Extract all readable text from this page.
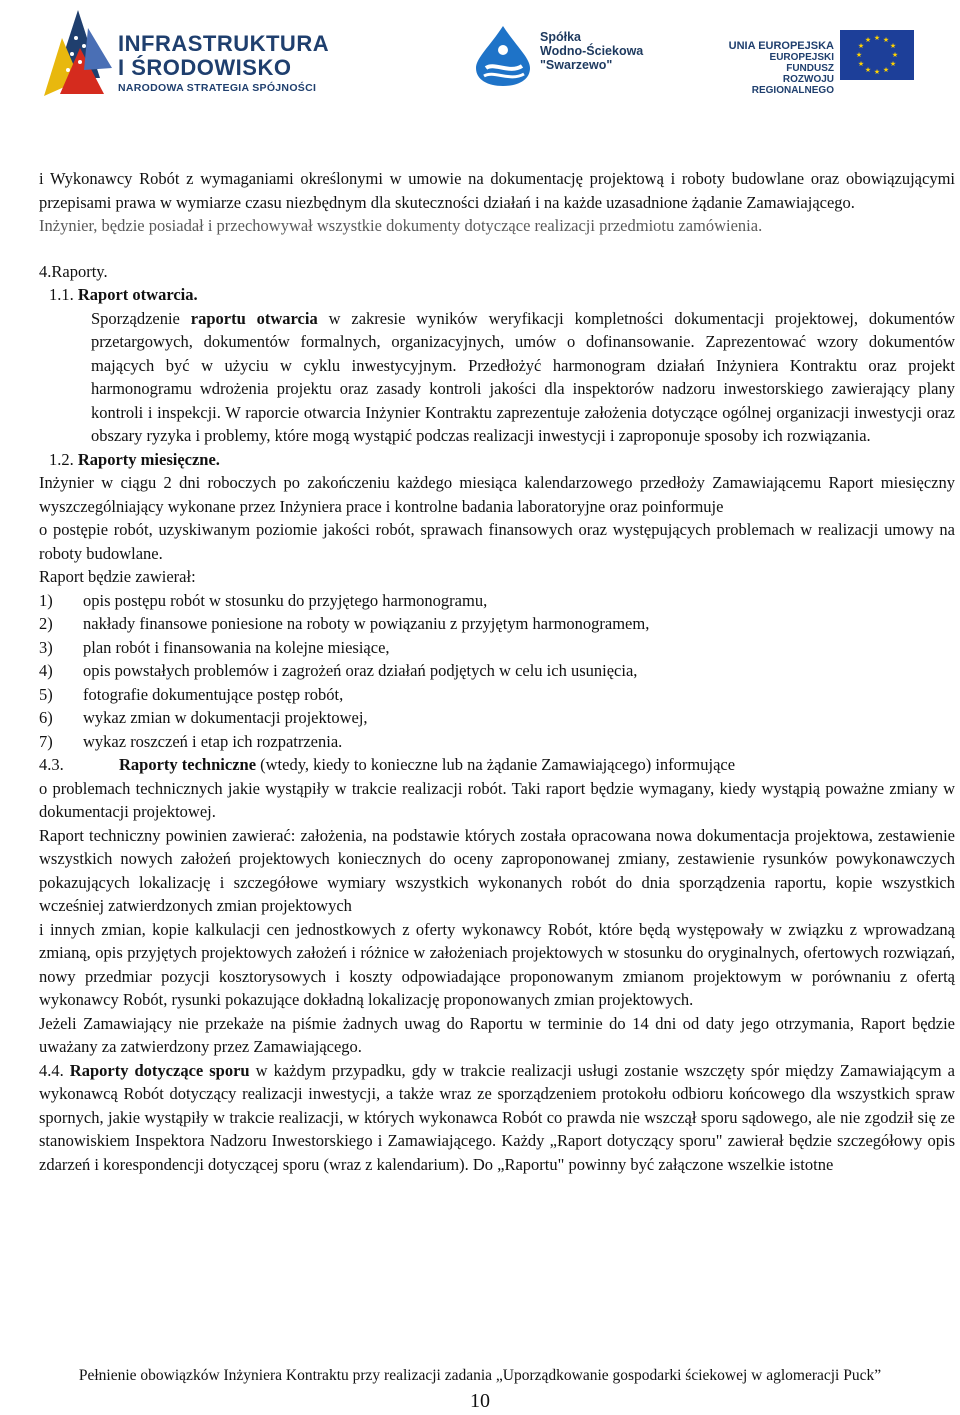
INFRASTRUKTURA
I ŚRODOWISKO
NARODOWA STRATEGIA SPÓJNOŚCI
Spółka
Wodno-Ściekowa
"Swarzewo"
UNIA EUROPEJSKA
EUROPEJSKI FUNDUSZ
ROZWOJU REGIONALNEGO
★ ★
★
★
★
★
★
★
★
★
★
★

i Wykonawcy Robót z wymaganiami określonymi w umowie na dokumentację projektową i roboty budowlane oraz obowiązującymi przepisami prawa w wymiarze czasu niezbędnym dla skuteczności działań i na każde uzasadnione żądanie Zamawiającego.

Inżynier, będzie posiadał i przechowywał wszystkie dokumenty dotyczące realizacji przedmiotu zamówienia.

4.Raporty.

1.1. Raport otwarcia.

Sporządzenie raportu otwarcia w zakresie wyników weryfikacji kompletności dokumentacji projektowej, dokumentów przetargowych, dokumentów formalnych, organizacyjnych, umów o dofinansowanie. Zaprezentować wzory dokumentów mających być w użyciu w cyklu inwestycyjnym. Przedłożyć harmonogram działań Inżyniera Kontraktu oraz projekt harmonogramu wdrożenia projektu oraz zasady kontroli jakości dla inspektorów nadzoru inwestorskiego zawierający plany kontroli i inspekcji. W raporcie otwarcia Inżynier Kontraktu zaprezentuje założenia dotyczące ogólnej organizacji inwestycji oraz obszary ryzyka i problemy, które mogą wystąpić podczas realizacji inwestycji i zaproponuje sposoby ich rozwiązania.

1.2. Raporty miesięczne.

Inżynier w ciągu 2 dni roboczych po zakończeniu każdego miesiąca kalendarzowego przedłoży Zamawiającemu Raport miesięczny wyszczególniający wykonane przez Inżyniera prace i kontrolne badania laboratoryjne oraz poinformuje

o postępie robót, uzyskiwanym poziomie jakości robót, sprawach finansowych oraz występujących problemach w realizacji umowy na roboty budowlane.

Raport będzie zawierał:

1)	opis postępu robót w stosunku do przyjętego harmonogramu,
2)	nakłady finansowe poniesione na roboty w powiązaniu z przyjętym harmonogramem,
3)	plan robót i finansowania na kolejne miesiące,
4)	opis powstałych problemów i zagrożeń oraz działań podjętych w celu ich usunięcia,
5)	fotografie dokumentujące postęp robót,
6)	wykaz zmian w dokumentacji projektowej,
7)	wykaz roszczeń i etap ich rozpatrzenia.
4.3.	Raporty techniczne (wtedy, kiedy to konieczne lub na żądanie Zamawiającego) informujące

o problemach technicznych jakie wystąpiły w trakcie realizacji robót. Taki raport będzie wymagany, kiedy wystąpią poważne zmiany w dokumentacji projektowej.

Raport techniczny powinien zawierać: założenia, na podstawie których została opracowana nowa dokumentacja projektowa, zestawienie wszystkich nowych założeń projektowych koniecznych do oceny zaproponowanej zmiany, zestawienie rysunków powykonawczych pokazujących lokalizację i szczegółowe wymiary wszystkich wykonanych robót do dnia sporządzenia raportu, kopie wszystkich wcześniej zatwierdzonych zmian projektowych

i innych zmian, kopie kalkulacji cen jednostkowych z oferty wykonawcy Robót, które będą występowały w związku z wprowadzaną zmianą, opis przyjętych projektowych założeń i różnice w założeniach projektowych w stosunku do oryginalnych, ofertowych rozwiązań, nowy przedmiar pozycji kosztorysowych i koszty odpowiadające proponowanym zmianom projektowym w porównaniu z ofertą wykonawcy Robót, rysunki pokazujące dokładną lokalizację proponowanych zmian projektowych.

Jeżeli Zamawiający nie przekaże na piśmie żadnych uwag do Raportu w terminie do 14 dni od daty jego otrzymania, Raport będzie uważany za zatwierdzony przez Zamawiającego.

4.4. Raporty dotyczące sporu w każdym przypadku, gdy w trakcie realizacji usługi zostanie wszczęty spór między Zamawiającym a wykonawcą Robót dotyczący realizacji inwestycji, a także wraz ze sporządzeniem protokołu odbioru końcowego dla wszystkich spraw spornych, jakie wystąpiły w trakcie realizacji, w których wykonawca Robót co prawda nie wszczął sporu sądowego, ale nie zgodził się ze stanowiskiem Inspektora Nadzoru Inwestorskiego i Zamawiającego. Każdy „Raport dotyczący sporu" zawierał będzie szczegółowy opis zdarzeń i korespondencji dotyczącej sporu (wraz z kalendarium). Do „Raportu" powinny być załączone wszelkie istotne

Pełnienie obowiązków Inżyniera Kontraktu przy realizacji zadania „Uporządkowanie gospodarki ściekowej w aglomeracji Puck”
10
